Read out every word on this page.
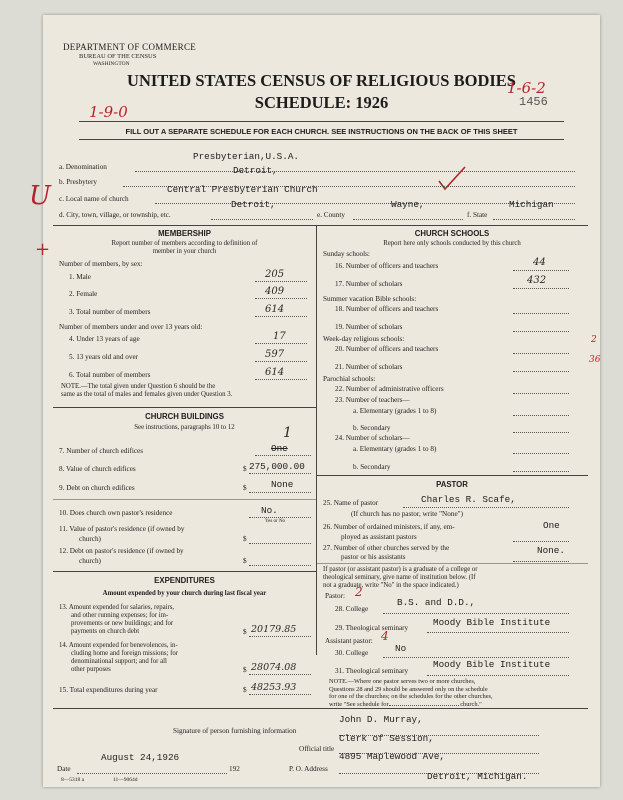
DEPARTMENT OF COMMERCE
BUREAU OF THE CENSUS
WASHINGTON
UNITED STATES CENSUS OF RELIGIOUS BODIES
SCHEDULE: 1926	1456
FILL OUT A SEPARATE SCHEDULE FOR EACH CHURCH. SEE INSTRUCTIONS ON THE BACK OF THIS SHEET
1-9-0
1-6-2
U
+
a. Denomination
Presbyterian,U.S.A.
b. Presbytery
Detroit,
c. Local name of church
Central Presbyterian Church
d. City, town, village, or township, etc.
Detroit,
e. County
Wayne,
f. State
Michigan
MEMBERSHIP
Report number of members according to definition of
member in your church
Number of members, by sex:
1. Male	205
2. Female	409
3. Total number of members	614
Number of members under and over 13 years old:
4. Under 13 years of age	17
5. 13 years old and over	597
6. Total number of members	614
NOTE.—The total given under Question 6 should be the
same as the total of males and females given under Question 3.
CHURCH BUILDINGS
See instructions, paragraphs 10 to 12
7. Number of church edifices	One
1
8. Value of church edifices	$ 275,000.00
9. Debt on church edifices	$	None
10. Does church own pastor's residence	No.
Yes or No
11. Value of pastor's residence (if owned by
church)	$
12. Debt on pastor's residence (if owned by
church)	$
EXPENDITURES
Amount expended by your church during last fiscal year
13. Amount expended for salaries, repairs,
and other running expenses; for im-
provements or new buildings; and for
payments on church debt	$ 20179.85
14. Amount expended for benevolences, in-
cluding home and foreign missions; for
denominational support; and for all
other purposes	$ 28074.08
15. Total expenditures during year	$ 48253.93
CHURCH SCHOOLS
Report here only schools conducted by this church
Sunday schools:
16. Number of officers and teachers	44
17. Number of scholars	432
Summer vacation Bible schools:
18. Number of officers and teachers
19. Number of scholars
Week-day religious schools:
20. Number of officers and teachers
2
21. Number of scholars
36
Parochial schools:
22. Number of administrative officers
23. Number of teachers—
a. Elementary (grades 1 to 8)
b. Secondary
24. Number of scholars—
a. Elementary (grades 1 to 8)
b. Secondary
PASTOR
25. Name of pastor	Charles R. Scafe,
(If church has no pastor, write "None")
26. Number of ordained ministers, if any, em-
ployed as assistant pastors
One
27. Number of other churches served by the
pastor or his assistants
None.
If pastor (or assistant pastor) is a graduate of a college or
theological seminary, give name of institution below. (If
not a graduate, write "No" in the space indicated.)
Pastor: 2
28. College
B.S. and D.D.,
29. Theological seminary	Moody Bible Institute
Assistant pastor: 4
30. College	No
31. Theological seminary
Moody Bible Institute
NOTE.—Where one pastor serves two or more churches,
Questions 28 and 29 should be answered only on the schedule
for one of the churches; on the schedules for the other churches,
write "See schedule for	church."
Signature of person furnishing information
John D. Murray,
Official title
Clerk of Session,
Date
August 24,1926
192	P. O. Address
4895 Maplewood Ave,
Detroit, Michigan.
8—5318 a	11—9064d
